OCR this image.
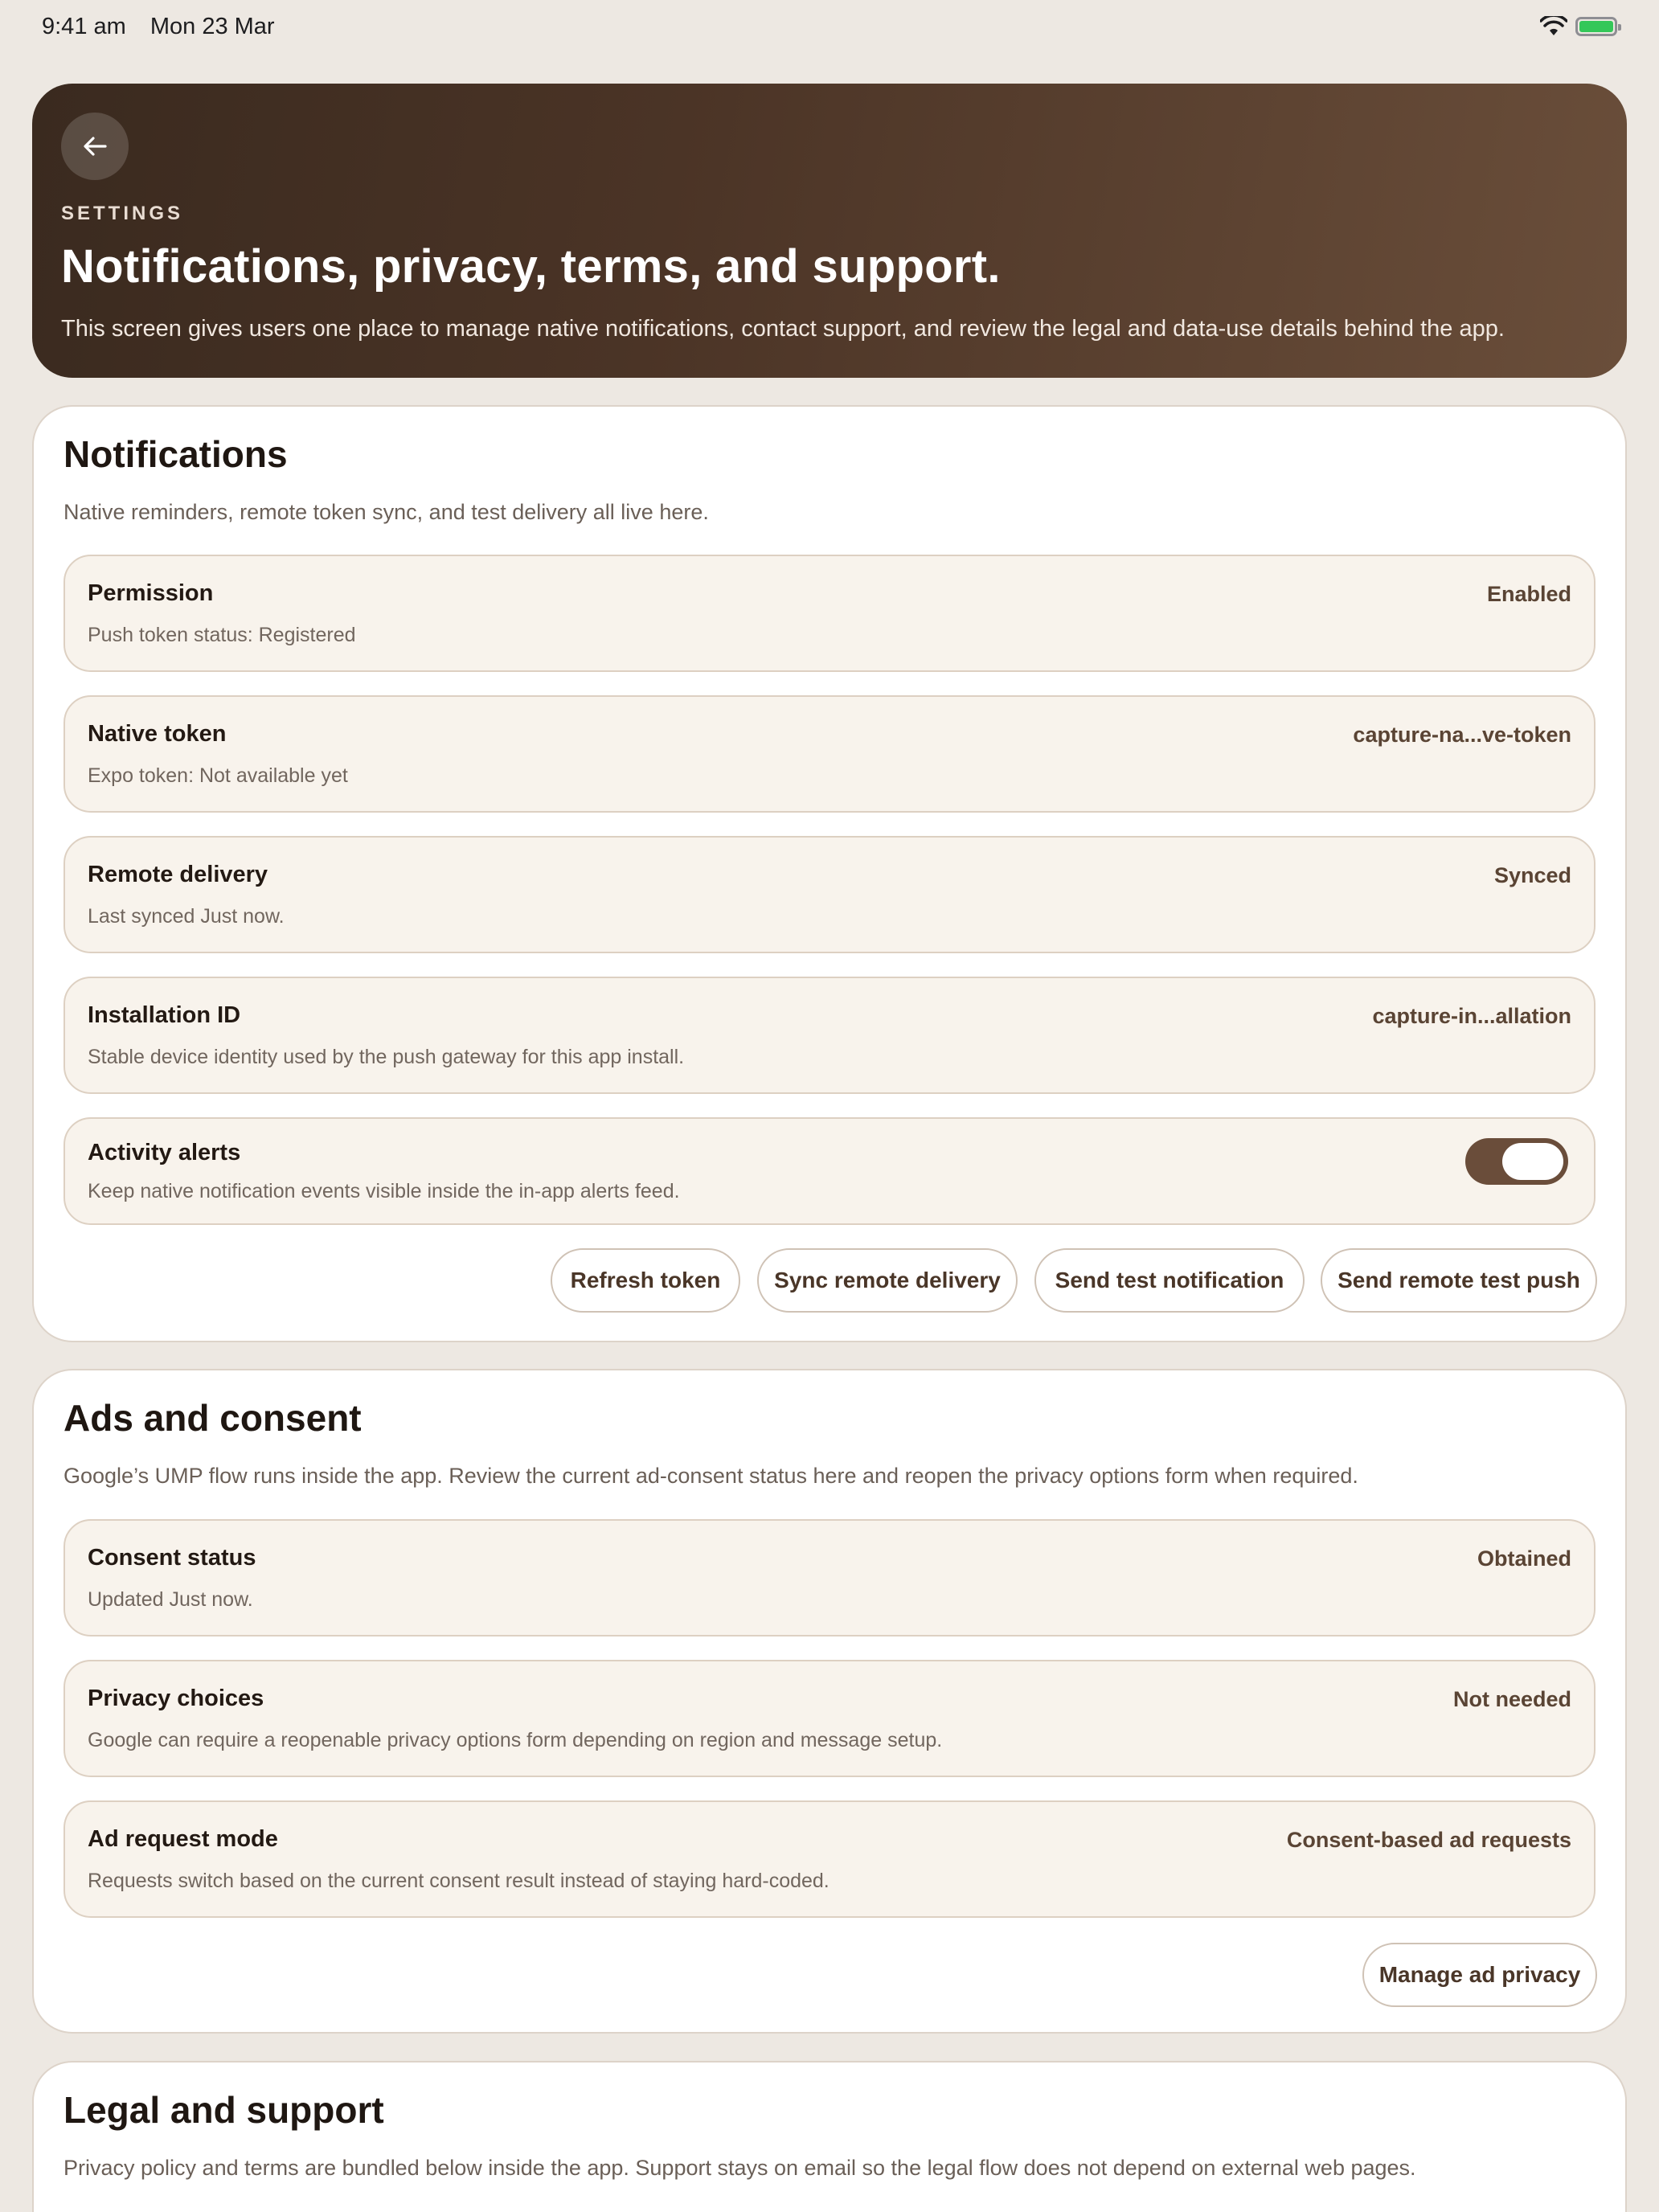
9:41 am Mon 23 Mar
SETTINGS
Notifications, privacy, terms, and support.

This screen gives users one place to manage native notifications, contact support, and review the legal and data-use details behind the app.

Notifications
Native reminders, remote token sync, and test delivery all live here.
Permission
Push token status: Registered
Enabled
Native token
Expo token: Not available yet
capture-na...ve-token
Remote delivery
Last synced Just now.
Synced
Installation ID
Stable device identity used by the push gateway for this app install.
capture-in...allation
Activity alerts
Keep native notification events visible inside the in-app alerts feed.
Refresh token	Sync remote delivery	Send test notification	Send remote test push
Ads and consent
Google’s UMP flow runs inside the app. Review the current ad-consent status here and reopen the privacy options form when required.
Consent status
Updated Just now.
Obtained
Privacy choices
Google can require a reopenable privacy options form depending on region and message setup.
Not needed
Ad request mode
Requests switch based on the current consent result instead of staying hard-coded.
Consent-based ad requests
Manage ad privacy
Legal and support
Privacy policy and terms are bundled below inside the app. Support stays on email so the legal flow does not depend on external web pages.
